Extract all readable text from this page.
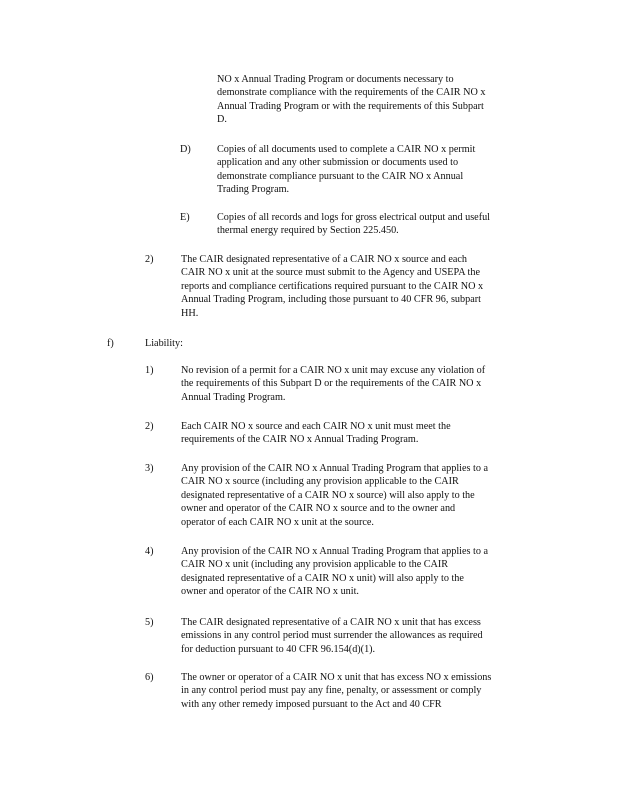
NO x Annual Trading Program or documents necessary to
demonstrate compliance with the requirements of the CAIR NO x
Annual Trading Program or with the requirements of this Subpart
D.
D)	Copies of all documents used to complete a CAIR NO x permit
application and any other submission or documents used to
demonstrate compliance pursuant to the CAIR NO x Annual
Trading Program.
E)	Copies of all records and logs for gross electrical output and useful
thermal energy required by Section 225.450.
2)	The CAIR designated representative of a CAIR NO x source and each
CAIR NO x unit at the source must submit to the Agency and USEPA the
reports and compliance certifications required pursuant to the CAIR NO x
Annual Trading Program, including those pursuant to 40 CFR 96, subpart
HH.
f)	Liability:
1)	No revision of a permit for a CAIR NO x unit may excuse any violation of
the requirements of this Subpart D or the requirements of the CAIR NO x
Annual Trading Program.
2)	Each CAIR NO x source and each CAIR NO x unit must meet the
requirements of the CAIR NO x Annual Trading Program.
3)	Any provision of the CAIR NO x Annual Trading Program that applies to a
CAIR NO x source (including any provision applicable to the CAIR
designated representative of a CAIR NO x source) will also apply to the
owner and operator of the CAIR NO x source and to the owner and
operator of each CAIR NO x unit at the source.
4)	Any provision of the CAIR NO x Annual Trading Program that applies to a
CAIR NO x unit (including any provision applicable to the CAIR
designated representative of a CAIR NO x unit) will also apply to the
owner and operator of the CAIR NO x unit.
5)	The CAIR designated representative of a CAIR NO x unit that has excess
emissions in any control period must surrender the allowances as required
for deduction pursuant to 40 CFR 96.154(d)(1).
6)	The owner or operator of a CAIR NO x unit that has excess NO x emissions
in any control period must pay any fine, penalty, or assessment or comply
with any other remedy imposed pursuant to the Act and 40 CFR
